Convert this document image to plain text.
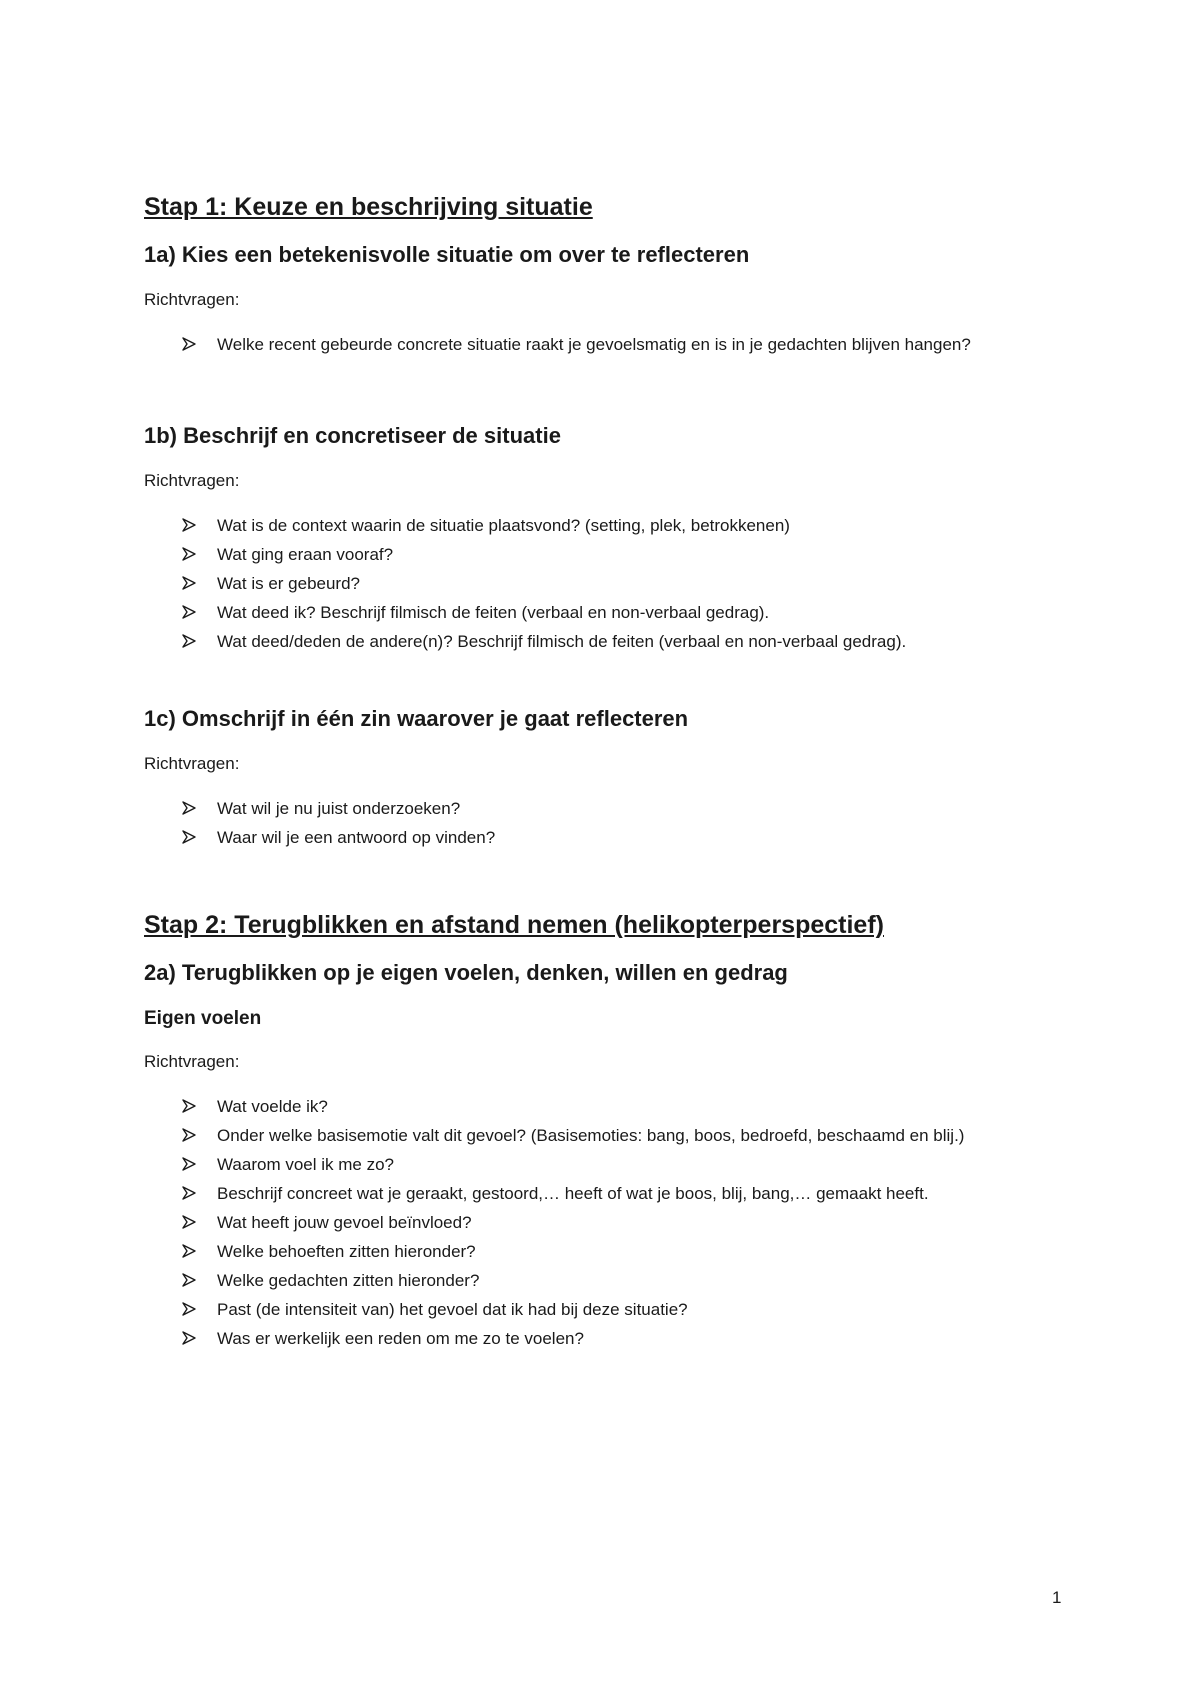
Stap 1: Keuze en beschrijving situatie
1a) Kies een betekenisvolle situatie om over te reflecteren
Richtvragen:
Welke recent gebeurde concrete situatie raakt je gevoelsmatig en is in je gedachten blijven hangen?
1b) Beschrijf en concretiseer de situatie
Richtvragen:
Wat is de context waarin de situatie plaatsvond? (setting, plek, betrokkenen)
Wat ging eraan vooraf?
Wat is er gebeurd?
Wat deed ik? Beschrijf filmisch de feiten (verbaal en non-verbaal gedrag).
Wat deed/deden de andere(n)? Beschrijf filmisch de feiten (verbaal en non-verbaal gedrag).
1c) Omschrijf in één zin waarover je gaat reflecteren
Richtvragen:
Wat wil je nu juist onderzoeken?
Waar wil je een antwoord op vinden?
Stap 2: Terugblikken en afstand nemen (helikopterperspectief)
2a) Terugblikken op je eigen voelen, denken, willen en gedrag
Eigen voelen
Richtvragen:
Wat voelde ik?
Onder welke basisemotie valt dit gevoel? (Basisemoties: bang, boos, bedroefd, beschaamd en blij.)
Waarom voel ik me zo?
Beschrijf concreet wat je geraakt, gestoord,… heeft of wat je boos, blij, bang,… gemaakt heeft.
Wat heeft jouw gevoel beïnvloed?
Welke behoeften zitten hieronder?
Welke gedachten zitten hieronder?
Past (de intensiteit van) het gevoel dat ik had bij deze situatie?
Was er werkelijk een reden om me zo te voelen?
1
